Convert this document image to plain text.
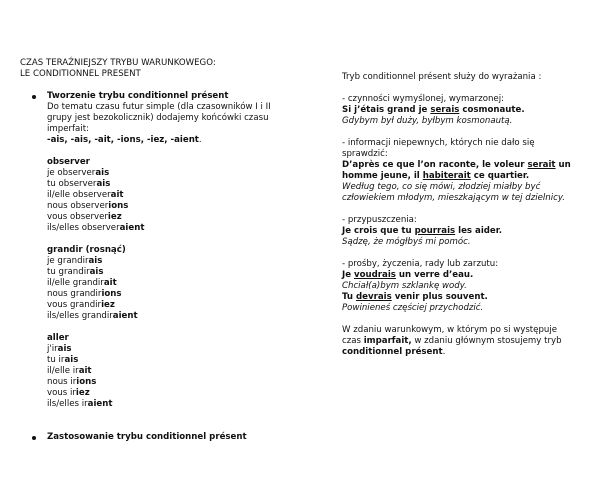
CZAS TERAŹNIEJSZY TRYBU WARUNKOWEGO:
LE CONDITIONNEL PRESENT
Tworzenie trybu conditionnel présent
Do tematu czasu futur simple (dla czasowników I i II
grupy jest bezokolicznik) dodajemy końcówki czasu
imperfait:
-ais, -ais, -ait, -ions, -iez, -aient.
observer
je observerais
tu observerais
il/elle observerait
nous observerions
vous observeriez
ils/elles observeraient
grandir (rosnąć)
je grandirais
tu grandirais
il/elle grandirait
nous grandirions
vous grandiriez
ils/elles grandiraient
aller
j'irais
tu irais
il/elle irait
nous irions
vous iriez
ils/elles iraient
Zastosowanie trybu conditionnel présent
Tryb conditionnel présent służy do wyrażania :
- czynności wymyślonej, wymarzonej:
Si j’étais grand je serais cosmonaute.
Gdybym był duży, byłbym kosmonautą.
- informacji niepewnych, których nie dało się
sprawdzić:
D’après ce que l’on raconte, le voleur serait un
homme jeune, il habiterait ce quartier.
Według tego, co się mówi, złodziej miałby być
człowiekiem młodym, mieszkającym w tej dzielnicy.
- przypuszczenia:
Je crois que tu pourrais les aider.
Sądzę, że mógłbyś mi pomóc.
- prośby, życzenia, rady lub zarzutu:
Je voudrais un verre d’eau.
Chciał(a)bym szklankę wody.
Tu devrais venir plus souvent.
Powinieneś częściej przychodzić.
W zdaniu warunkowym, w którym po si występuje
czas imparfait, w zdaniu głównym stosujemy tryb
conditionnel présent.
